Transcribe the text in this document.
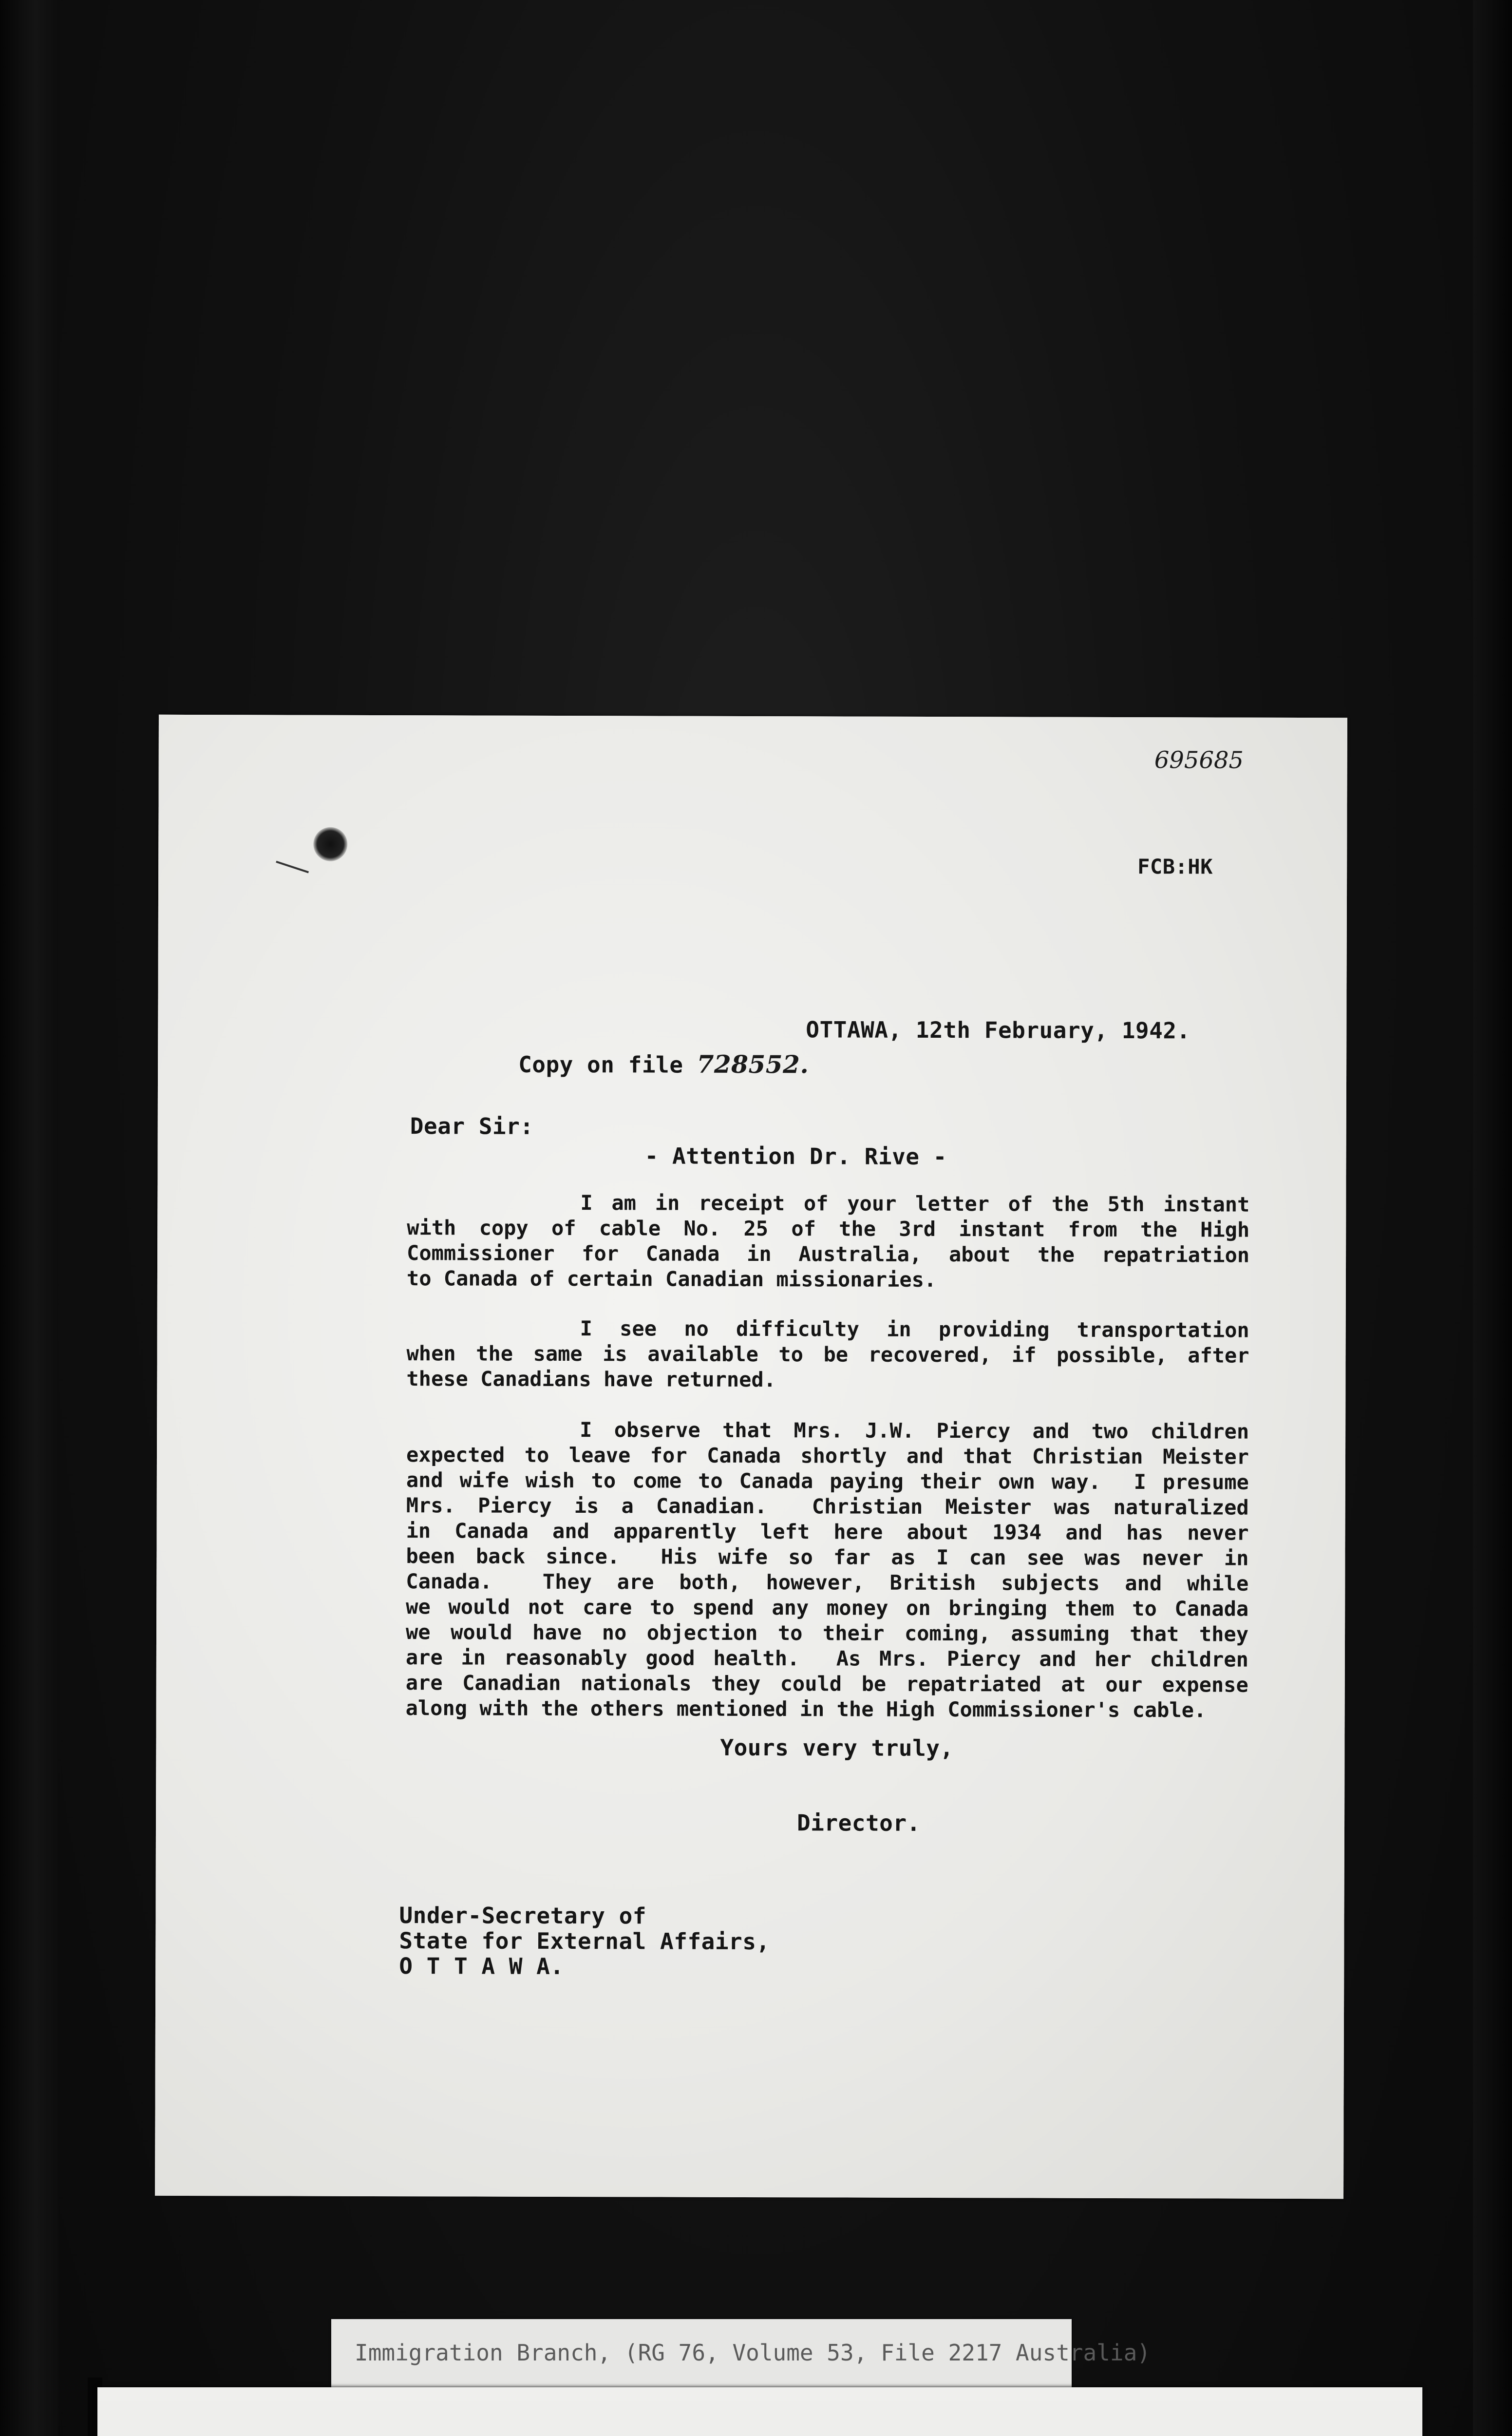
695685
FCB:HK
OTTAWA, 12th February, 1942.
Copy on file 728552.
Dear Sir:
- Attention Dr. Rive -
I am in receipt of your letter of the 5th instant
with copy of cable No. 25 of the 3rd instant from the High
Commissioner for Canada in Australia, about the repatriation
to Canada of certain Canadian missionaries.
I see no difficulty in providing transportation
when the same is available to be recovered, if possible, after
these Canadians have returned.
I observe that Mrs. J.W. Piercy and two children
expected to leave for Canada shortly and that Christian Meister
and wife wish to come to Canada paying their own way.  I presume
Mrs. Piercy is a Canadian.  Christian Meister was naturalized
in Canada and apparently left here about 1934 and has never
been back since.  His wife so far as I can see was never in
Canada.  They are both, however, British subjects and while
we would not care to spend any money on bringing them to Canada
we would have no objection to their coming, assuming that they
are in reasonably good health.  As Mrs. Piercy and her children
are Canadian nationals they could be repatriated at our expense
along with the others mentioned in the High Commissioner's cable.
Yours very truly,
Director.
Under-Secretary of
State for External Affairs,
O T T A W A.
Immigration Branch, (RG 76, Volume 53, File 2217 Australia)
